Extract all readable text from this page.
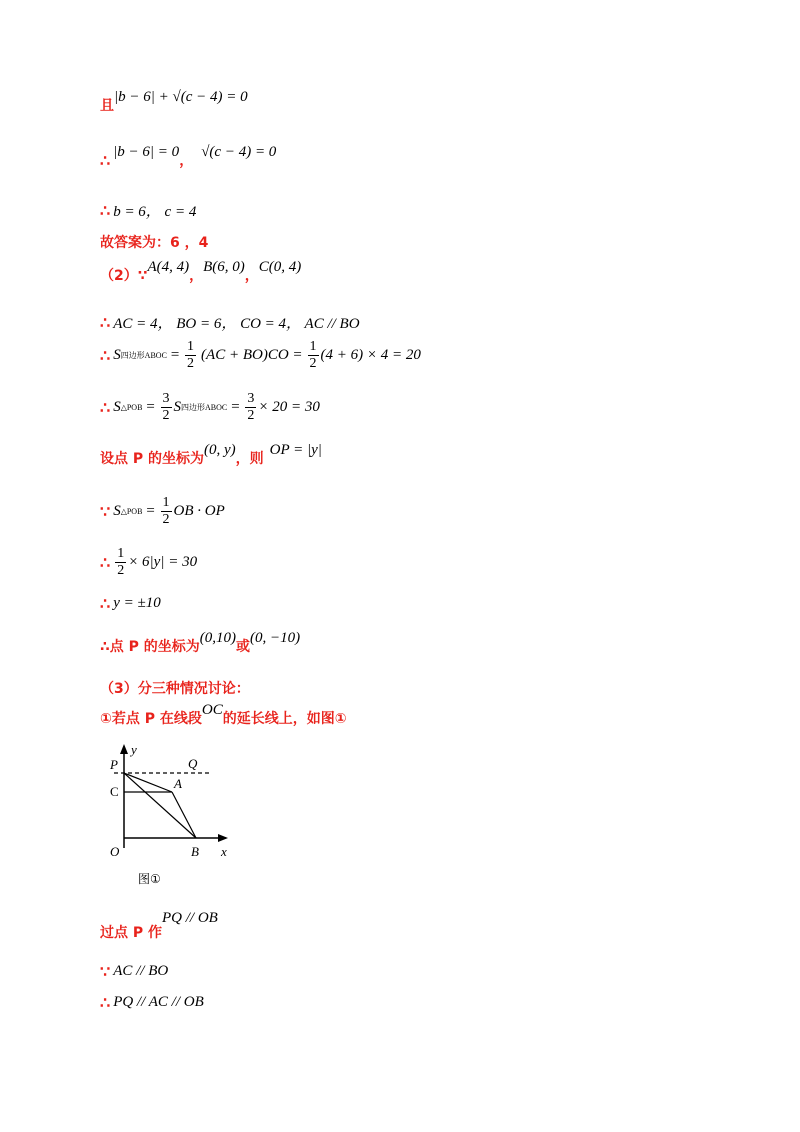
且
|b − 6| + √(c − 4) = 0
∴ |b − 6| = 0
，
√(c − 4) = 0
∴ b = 6， c = 4
故答案为：6 ，4
（2）∵
A(4, 4)
，
B(6, 0)
，
C(0, 4)
∴ AC = 4， BO = 6， CO = 4， AC // BO
∴ S 四边形ABOC = $\frac{1}{2} (AC + BO)CO = \frac{1}{2} (4 + 6) \times 4 = 20$
∴ S △POB = $\frac{3}{2}$ S 四边形ABOC = $\frac{3}{2} \times 20 = 30$
设点 P 的坐标为
(0, y)
，则
OP = |y|
∵ S △POB = $\frac{1}{2}$ OB · OP
∴ $\frac{1}{2} \times 6|y| = 30$
∴ y = ±10
∴点 P 的坐标为
(0,10)
或
(0, −10)
（3）分三种情况讨论：
①若点 P 在线段
OC
的延长线上，如图①
y
x
P	Q
C
A
O	B
图①
过点 P 作
PQ // OB
∵ AC // BO
∴ PQ // AC // OB
